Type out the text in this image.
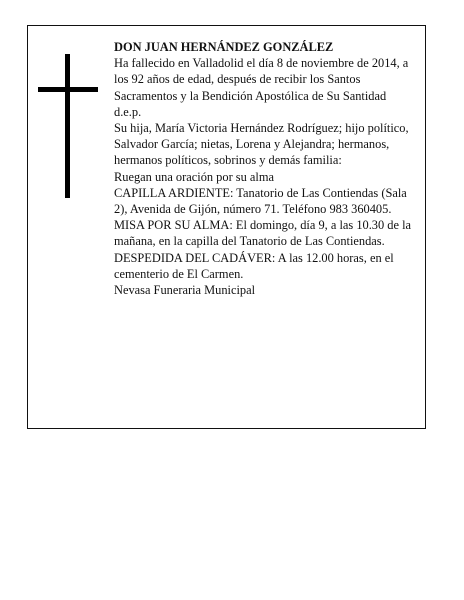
DON JUAN HERNÁNDEZ GONZÁLEZ

Ha fallecido en Valladolid el día 8 de noviembre de 2014, a los 92 años de edad, después de recibir los Santos Sacramentos y la Bendición Apostólica de Su Santidad

d.e.p.

Su hija, María Victoria Hernández Rodríguez; hijo político, Salvador García; nietas, Lorena y Alejandra; hermanos, hermanos políticos, sobrinos y demás familia:

Ruegan una oración por su alma

CAPILLA ARDIENTE: Tanatorio de Las Contiendas (Sala 2), Avenida de Gijón, número 71. Teléfono 983 360405.

MISA POR SU ALMA: El domingo, día 9, a las 10.30 de la mañana, en la capilla del Tanatorio de Las Contiendas.

DESPEDIDA DEL CADÁVER: A las 12.00 horas, en el cementerio de El Carmen.

Nevasa Funeraria Municipal
